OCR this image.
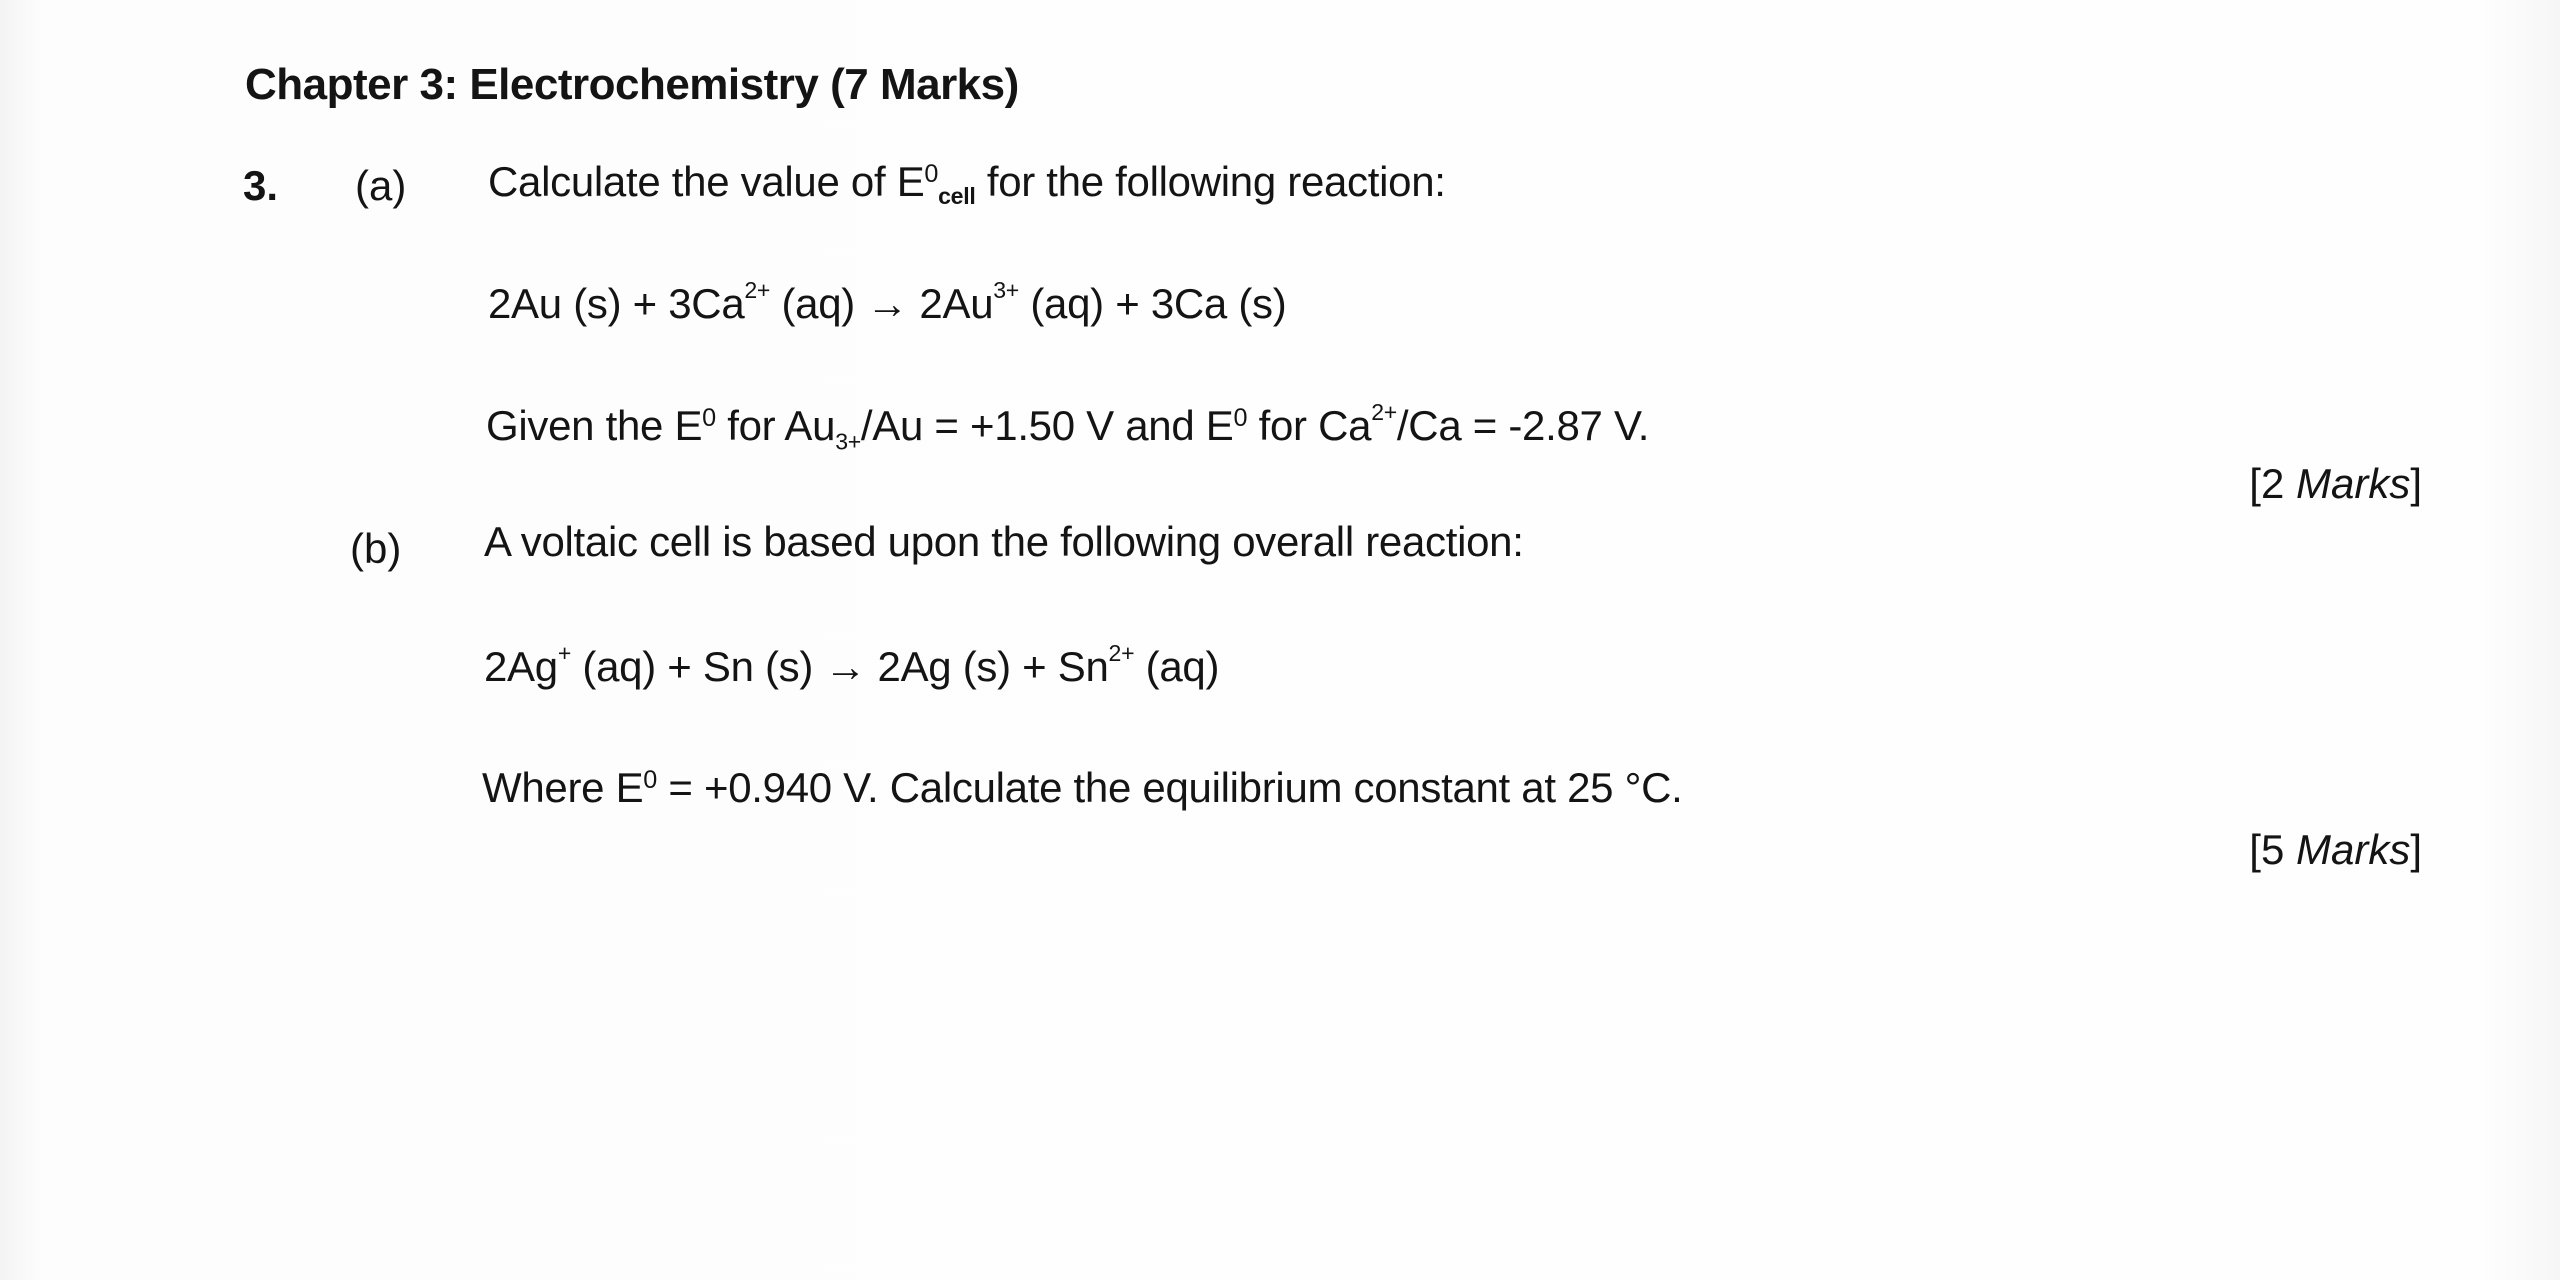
Chapter 3: Electrochemistry (7 Marks)
3. (a) Calculate the value of $E^0cell$ for the following reaction:
2Au $(s) + 3Ca^{2+}$ $(aq) \to 2Au^{3+}$ (aq) + 3Ca (s)
Given the $E^0$ for $Au_{3+}/Au = +1.50$ V and $E^0$ for $Ca^{2+}/Ca = -2.87$ V.
[2 Marks]
(b) A voltaic cell is based upon the following overall reaction:
2Ag+ (aq) + Sn (s) → 2Ag $(s) + Sn^{2+}$ (aq)
Where $E^0 = +0.940$ V. Calculate the equilibrium constant at 25 °C.
[5 Marks]
